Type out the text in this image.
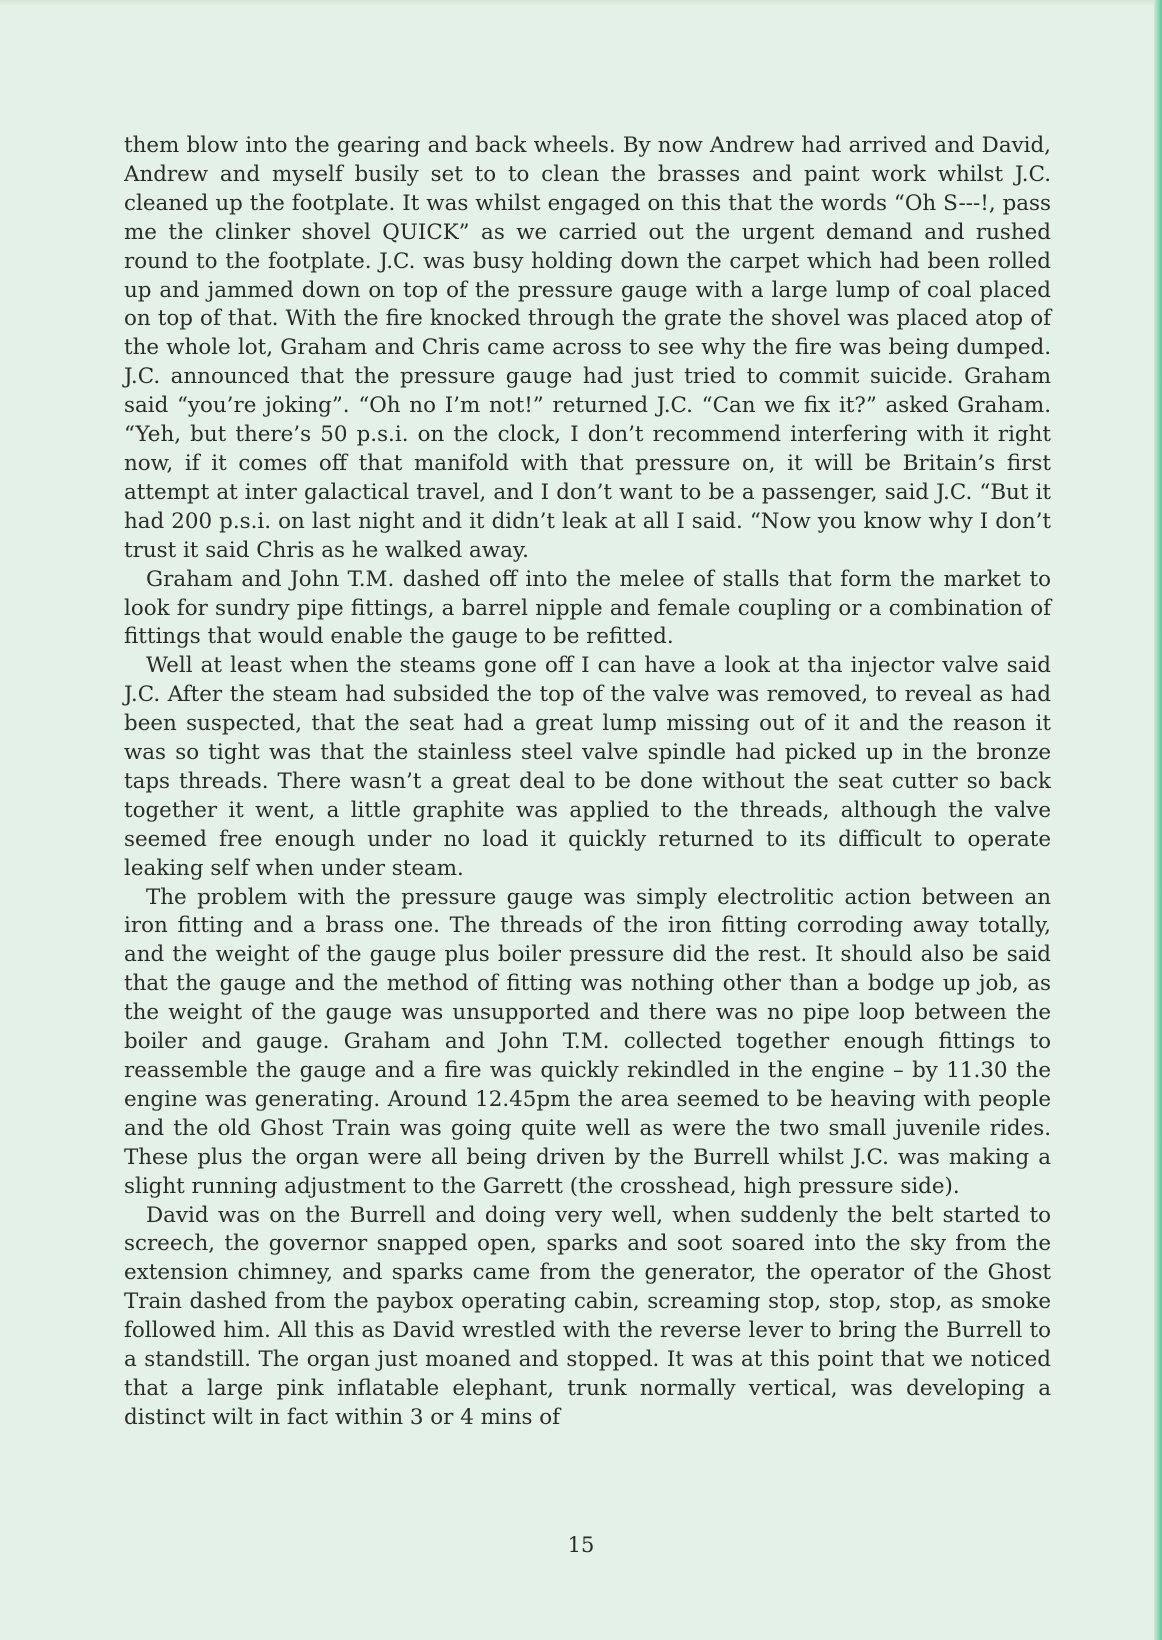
them blow into the gearing and back wheels. By now Andrew had arrived and David, Andrew and myself busily set to to clean the brasses and paint work whilst J.C. cleaned up the footplate. It was whilst engaged on this that the words “Oh S---!, pass me the clinker shovel QUICK” as we carried out the urgent demand and rushed round to the footplate. J.C. was busy holding down the carpet which had been rolled up and jammed down on top of the pressure gauge with a large lump of coal placed on top of that. With the fire knocked through the grate the shovel was placed atop of the whole lot, Graham and Chris came across to see why the fire was being dumped. J.C. announced that the pressure gauge had just tried to commit suicide. Graham said “you’re joking”. “Oh no I’m not!” returned J.C. “Can we fix it?” asked Graham. “Yeh, but there’s 50 p.s.i. on the clock, I don’t recommend interfering with it right now, if it comes off that manifold with that pressure on, it will be Britain’s first attempt at inter galactical travel, and I don’t want to be a passenger, said J.C. “But it had 200 p.s.i. on last night and it didn’t leak at all I said. “Now you know why I don’t trust it said Chris as he walked away.

Graham and John T.M. dashed off into the melee of stalls that form the market to look for sundry pipe fittings, a barrel nipple and female coupling or a combination of fittings that would enable the gauge to be refitted.

Well at least when the steams gone off I can have a look at tha injector valve said J.C. After the steam had subsided the top of the valve was removed, to reveal as had been suspected, that the seat had a great lump missing out of it and the reason it was so tight was that the stainless steel valve spindle had picked up in the bronze taps threads. There wasn’t a great deal to be done without the seat cutter so back together it went, a little graphite was applied to the threads, although the valve seemed free enough under no load it quickly returned to its difficult to operate leaking self when under steam.

The problem with the pressure gauge was simply electrolitic action between an iron fitting and a brass one. The threads of the iron fitting corroding away totally, and the weight of the gauge plus boiler pressure did the rest. It should also be said that the gauge and the method of fitting was nothing other than a bodge up job, as the weight of the gauge was unsupported and there was no pipe loop between the boiler and gauge. Graham and John T.M. collected together enough fittings to reassemble the gauge and a fire was quickly rekindled in the engine – by 11.30 the engine was generating. Around 12.45pm the area seemed to be heaving with people and the old Ghost Train was going quite well as were the two small juvenile rides. These plus the organ were all being driven by the Burrell whilst J.C. was making a slight running adjustment to the Garrett (the crosshead, high pressure side).

David was on the Burrell and doing very well, when suddenly the belt started to screech, the governor snapped open, sparks and soot soared into the sky from the extension chimney, and sparks came from the generator, the operator of the Ghost Train dashed from the paybox operating cabin, screaming stop, stop, stop, as smoke followed him. All this as David wrestled with the reverse lever to bring the Burrell to a standstill. The organ just moaned and stopped. It was at this point that we noticed that a large pink inflatable elephant, trunk normally vertical, was developing a distinct wilt in fact within 3 or 4 mins of

15
